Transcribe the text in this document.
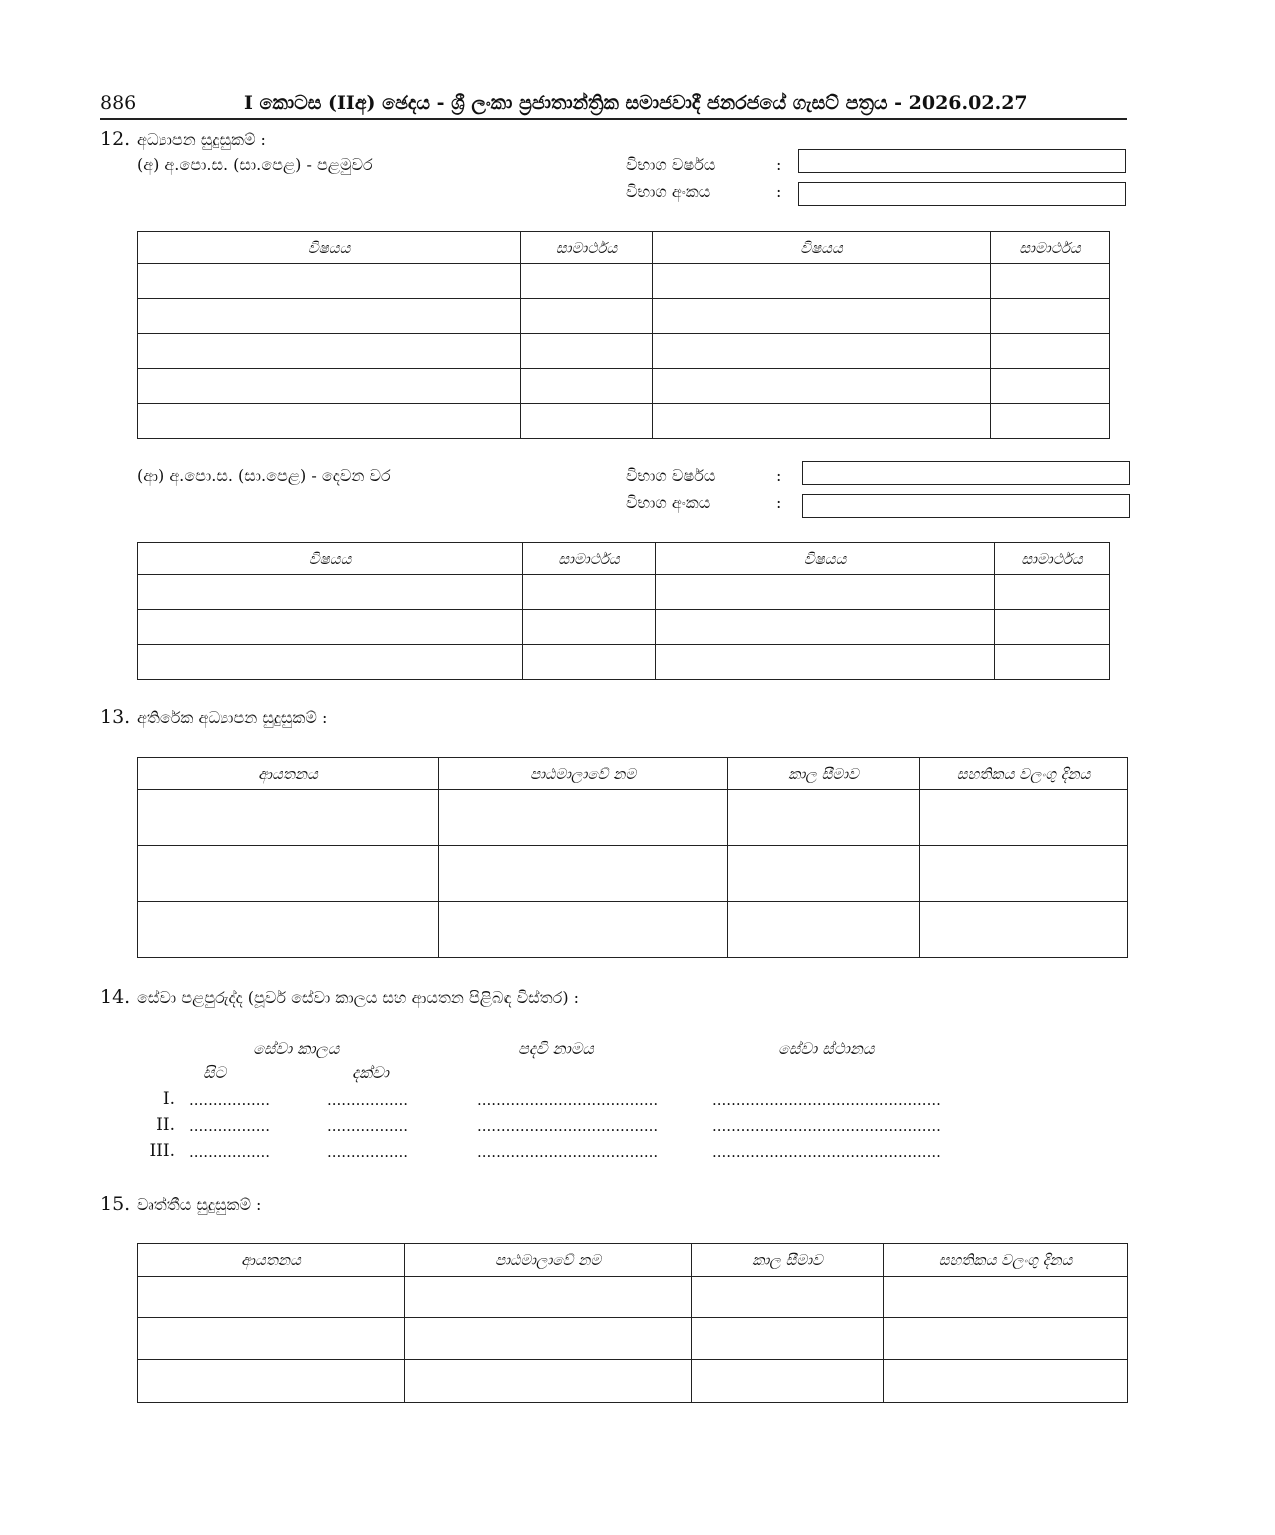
886	I කොටස (IIඅ) ඡෙදය - ශ්‍රී ලංකා ප්‍රජාතාන්ත්‍රික සමාජවාදී ජනරජයේ ගැසට් පත්‍රය - 2026.02.27
12. අධ්‍යාපන සුදුසුකම් :
(අ) අ.පො.ස. (සා.පෙළ) - පළමුවර	විභාග වර්ෂය	:
විභාග අංකය	:
විෂයය	සාමාර්ථය	විෂයය	සාමාර්ථය

(ආ) අ.පො.ස. (සා.පෙළ) - දෙවන වර	විභාග වර්ෂය	:
විභාග අංකය	:
විෂයය	සාමාර්ථය	විෂයය	සාමාර්ථය

13. අතිරේක අධ්‍යාපන සුදුසුකම් :
ආයතනය	පාඨමාලාවේ නම	කාල සීමාව	සහතිකය වලංගු දිනය

14. සේවා පළපුරුද්ද (පූර්ව සේවා කාලය සහ ආයතන පිළිබඳ විස්තර) :
සේවා කාලය	පදවි නාමය	සේවා ස්ථානය
සිට	දක්වා
I. .................	.................	......................................	................................................
II. .................	.................	......................................	................................................
III. .................	.................	......................................	................................................
15. වෘත්තීය සුදුසුකම් :
ආයතනය	පාඨමාලාවේ නම	කාල සීමාව	සහතිකය වලංගු දිනය
